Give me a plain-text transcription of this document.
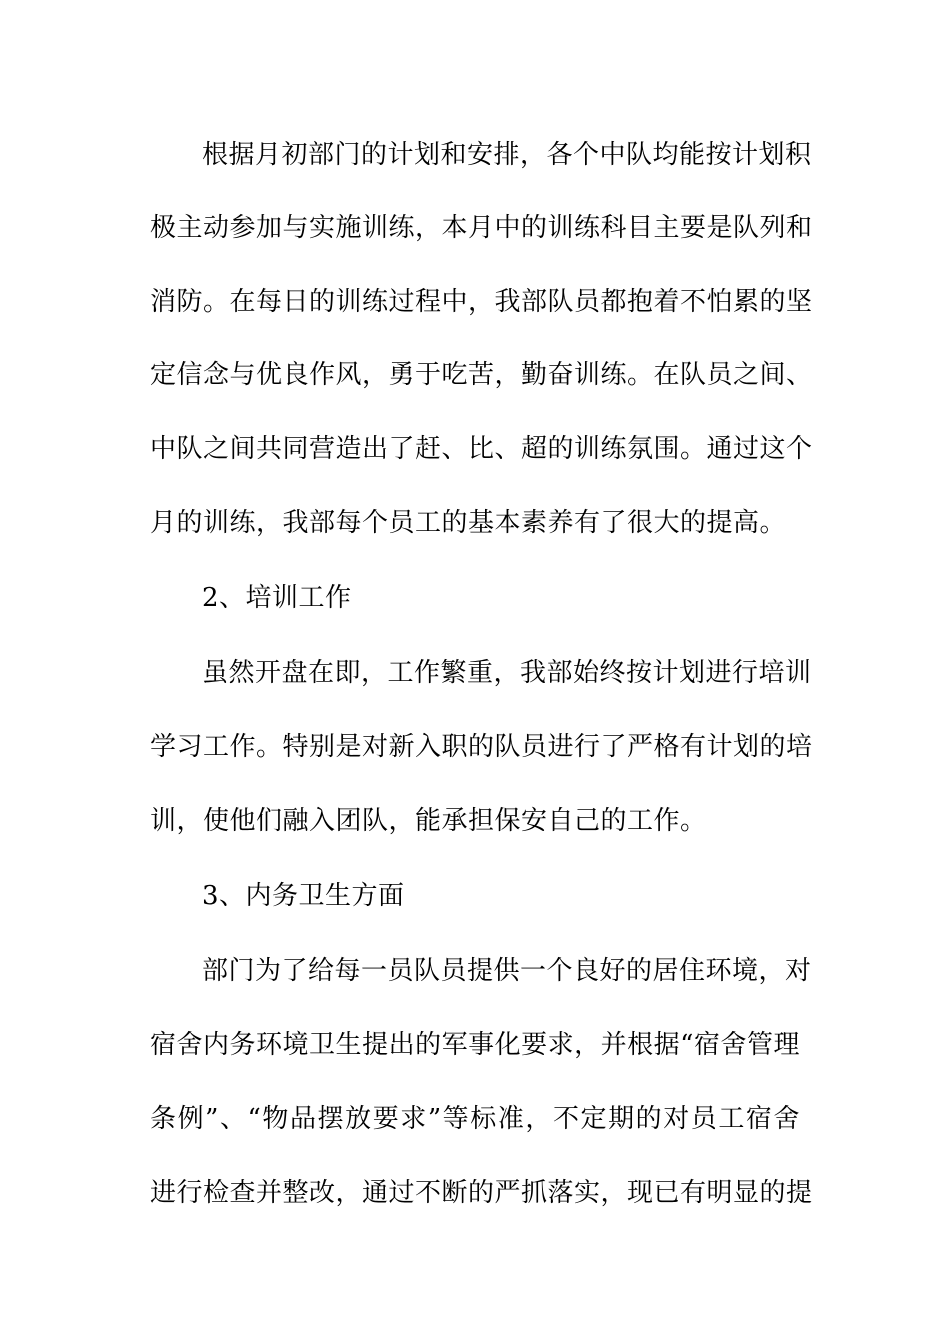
根据月初部门的计划和安排，各个中队均能按计划积
极主动参加与实施训练，本月中的训练科目主要是队列和
消防。在每日的训练过程中，我部队员都抱着不怕累的坚
定信念与优良作风，勇于吃苦，勤奋训练。在队员之间、
中队之间共同营造出了赶、比、超的训练氛围。通过这个
月的训练，我部每个员工的基本素养有了很大的提高。
2、培训工作
虽然开盘在即，工作繁重，我部始终按计划进行培训
学习工作。特别是对新入职的队员进行了严格有计划的培
训，使他们融入团队，能承担保安自己的工作。
3、内务卫生方面
部门为了给每一员队员提供一个良好的居住环境，对
宿舍内务环境卫生提出的军事化要求，并根据“宿舍管理
条例”、“物品摆放要求”等标准，不定期的对员工宿舍
进行检查并整改，通过不断的严抓落实，现已有明显的提
